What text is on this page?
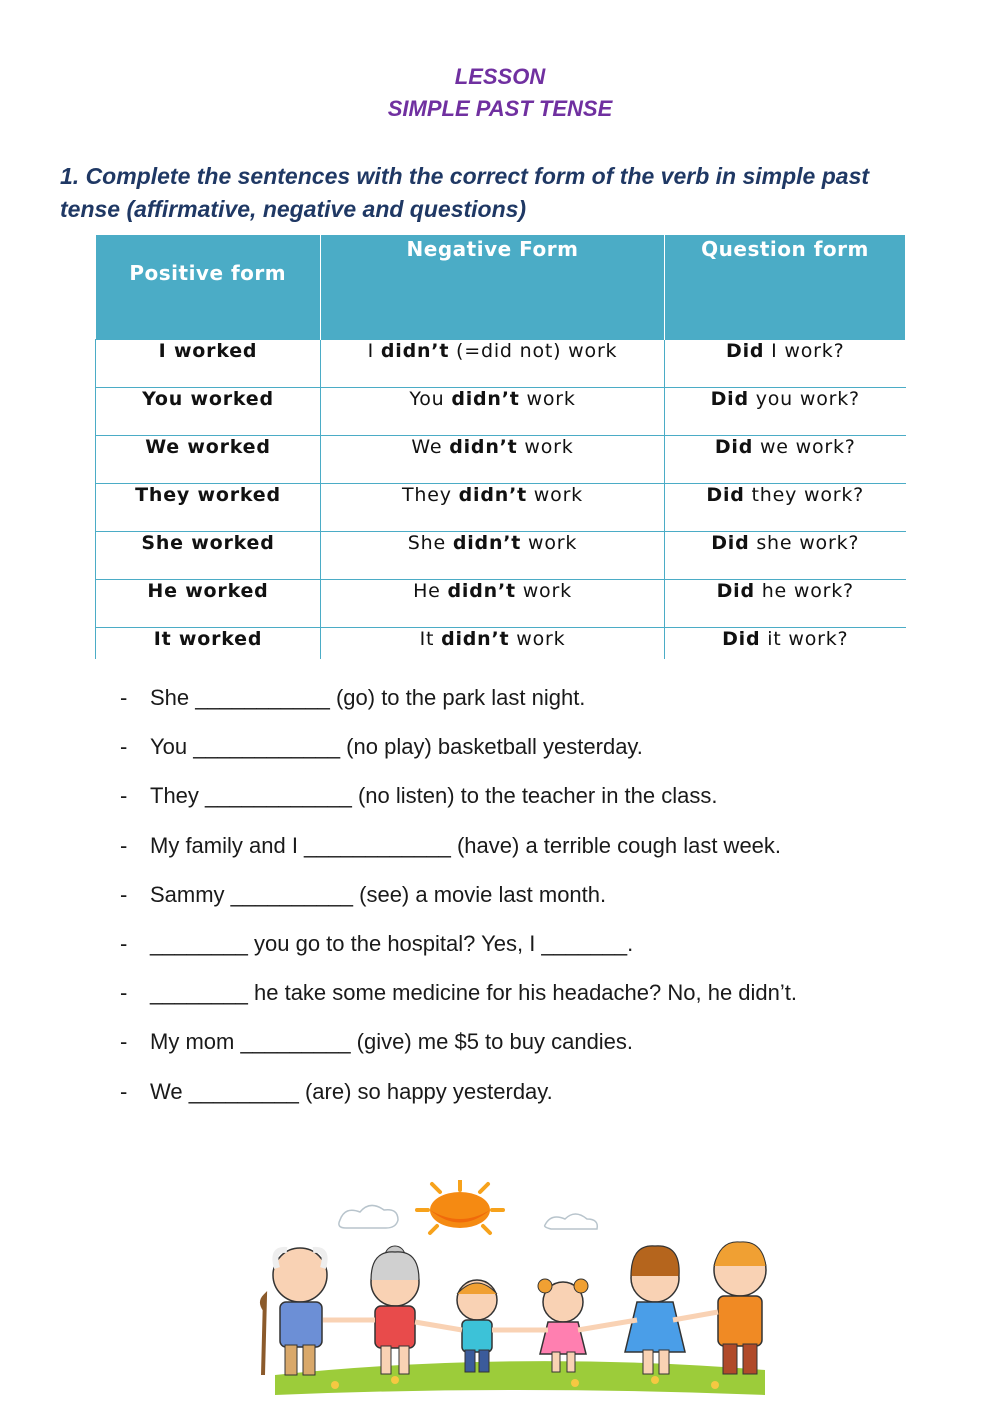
LESSON
SIMPLE PAST TENSE
1. Complete the sentences with the correct form of the verb in simple past tense (affirmative, negative and questions)
Positive form	Negative Form	Question form
I worked	I didn’t (=did not) work	Did I work?
You worked	You didn’t work	Did you work?
We worked	We didn’t work	Did we work?
They worked	They didn’t work	Did they work?
She worked	She didn’t work	Did she work?
He worked	He didn’t work	Did he work?
It worked	It didn’t work	Did it work?
- She ___________ (go) to the park last night.
- You ____________ (no play) basketball yesterday.
- They ____________ (no listen) to the teacher in the class.
- My family and I ____________ (have) a terrible cough last week.
- Sammy __________ (see) a movie last month.
- ________ you go to the hospital? Yes, I _______.
- ________ he take some medicine for his headache? No, he didn’t.
- My mom _________ (give) me $5 to buy candies.
- We _________ (are) so happy yesterday.
